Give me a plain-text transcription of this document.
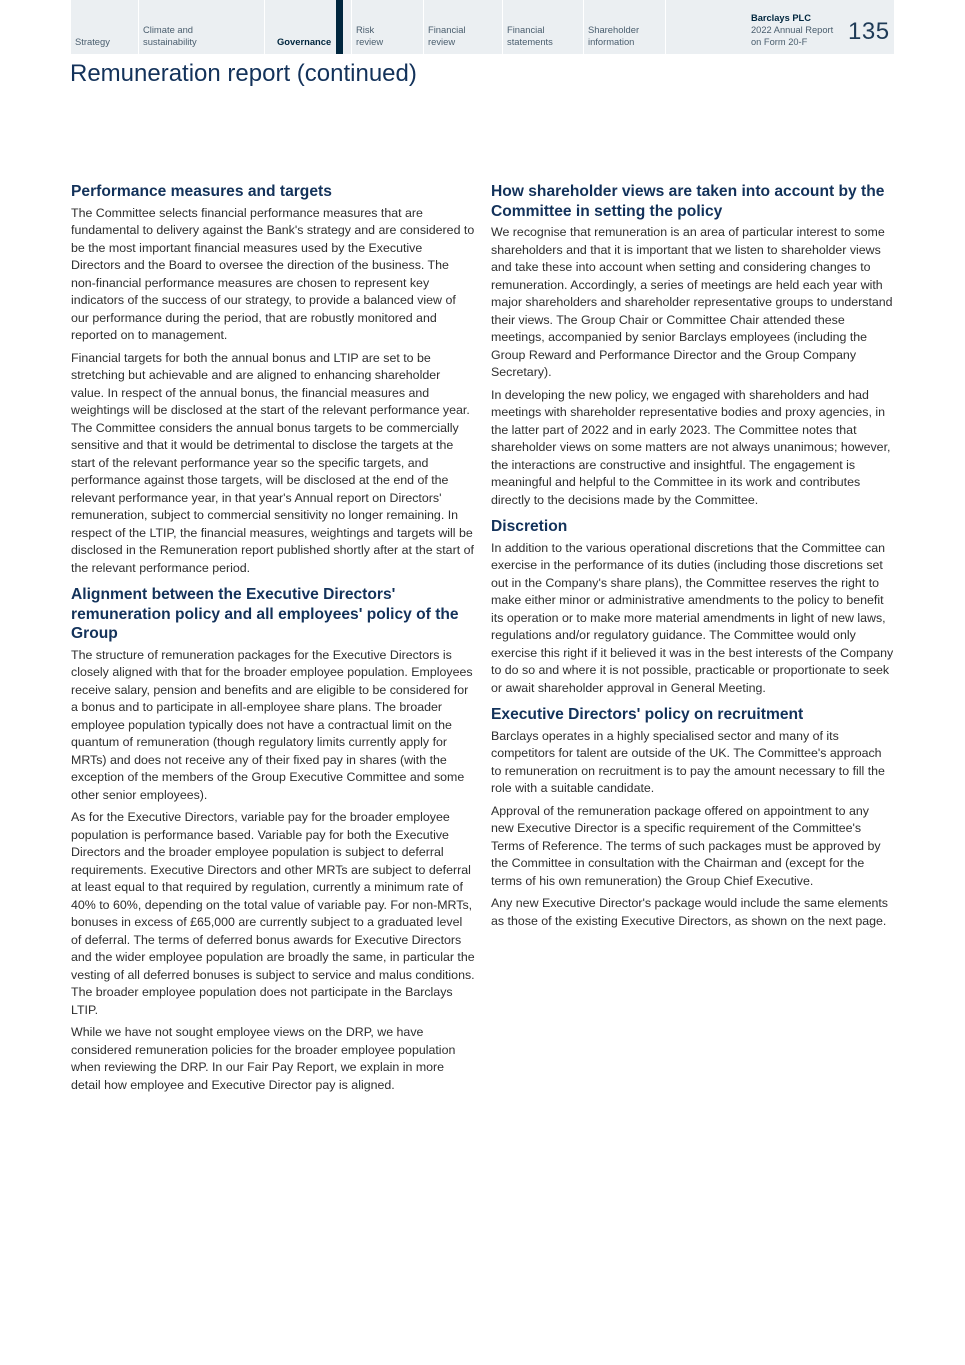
Strategy
Climate and
sustainability	Governance
Risk
review
Financial
review
Financial
statements
Shareholder
information
Barclays PLC
2022 Annual Report
on Form 20-F	135
Remuneration report (continued)
Performance measures and targets

The Committee selects financial performance measures that are fundamental to delivery against the Bank's strategy and are considered to be the most important financial measures used by the Executive Directors and the Board to oversee the direction of the business. The non-financial performance measures are chosen to represent key indicators of the success of our strategy, to provide a balanced view of our performance during the period, that are robustly monitored and reported on to management.

Financial targets for both the annual bonus and LTIP are set to be stretching but achievable and are aligned to enhancing shareholder value. In respect of the annual bonus, the financial measures and weightings will be disclosed at the start of the relevant performance year. The Committee considers the annual bonus targets to be commercially sensitive and that it would be detrimental to disclose the targets at the start of the relevant performance year so the specific targets, and performance against those targets, will be disclosed at the end of the relevant performance year, in that year's Annual report on Directors' remuneration, subject to commercial sensitivity no longer remaining. In respect of the LTIP, the financial measures, weightings and targets will be disclosed in the Remuneration report published shortly after at the start of the relevant performance period.

Alignment between the Executive Directors' remuneration policy and all employees' policy of the Group

The structure of remuneration packages for the Executive Directors is closely aligned with that for the broader employee population. Employees receive salary, pension and benefits and are eligible to be considered for a bonus and to participate in all-employee share plans. The broader employee population typically does not have a contractual limit on the quantum of remuneration (though regulatory limits currently apply for MRTs) and does not receive any of their fixed pay in shares (with the exception of the members of the Group Executive Committee and some other senior employees).

As for the Executive Directors, variable pay for the broader employee population is performance based. Variable pay for both the Executive Directors and the broader employee population is subject to deferral requirements. Executive Directors and other MRTs are subject to deferral at least equal to that required by regulation, currently a minimum rate of 40% to 60%, depending on the total value of variable pay. For non-MRTs, bonuses in excess of £65,000 are currently subject to a graduated level of deferral. The terms of deferred bonus awards for Executive Directors and the wider employee population are broadly the same, in particular the vesting of all deferred bonuses is subject to service and malus conditions. The broader employee population does not participate in the Barclays LTIP.

While we have not sought employee views on the DRP, we have considered remuneration policies for the broader employee population when reviewing the DRP. In our Fair Pay Report, we explain in more detail how employee and Executive Director pay is aligned.

How shareholder views are taken into account by the Committee in setting the policy

We recognise that remuneration is an area of particular interest to some shareholders and that it is important that we listen to shareholder views and take these into account when setting and considering changes to remuneration. Accordingly, a series of meetings are held each year with major shareholders and shareholder representative groups to understand their views. The Group Chair or Committee Chair attended these meetings, accompanied by senior Barclays employees (including the Group Reward and Performance Director and the Group Company Secretary).

In developing the new policy, we engaged with shareholders and had meetings with shareholder representative bodies and proxy agencies, in the latter part of 2022 and in early 2023. The Committee notes that shareholder views on some matters are not always unanimous; however, the interactions are constructive and insightful. The engagement is meaningful and helpful to the Committee in its work and contributes directly to the decisions made by the Committee.

Discretion

In addition to the various operational discretions that the Committee can exercise in the performance of its duties (including those discretions set out in the Company's share plans), the Committee reserves the right to make either minor or administrative amendments to the policy to benefit its operation or to make more material amendments in light of new laws, regulations and/or regulatory guidance. The Committee would only exercise this right if it believed it was in the best interests of the Company to do so and where it is not possible, practicable or proportionate to seek or await shareholder approval in General Meeting.

Executive Directors' policy on recruitment

Barclays operates in a highly specialised sector and many of its competitors for talent are outside of the UK. The Committee's approach to remuneration on recruitment is to pay the amount necessary to fill the role with a suitable candidate.

Approval of the remuneration package offered on appointment to any new Executive Director is a specific requirement of the Committee's Terms of Reference. The terms of such packages must be approved by the Committee in consultation with the Chairman and (except for the terms of his own remuneration) the Group Chief Executive.

Any new Executive Director's package would include the same elements as those of the existing Executive Directors, as shown on the next page.
